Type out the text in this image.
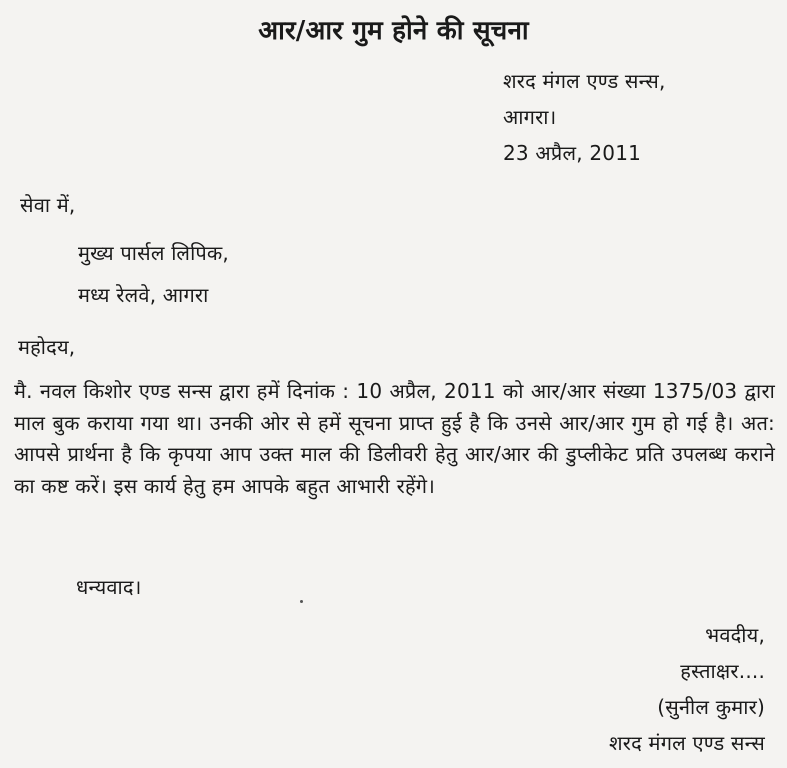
आर/आर गुम होने की सूचना

शरद मंगल एण्ड सन्स,

आगरा।

23 अप्रैल, 2011

सेवा में,

मुख्य पार्सल लिपिक,

मध्य रेलवे, आगरा

महोदय,

मै. नवल किशोर एण्ड सन्स द्वारा हमें दिनांक : 10 अप्रैल, 2011 को आर/आर संख्या 1375/03 द्वारा माल बुक कराया गया था। उनकी ओर से हमें सूचना प्राप्त हुई है कि उनसे आर/आर गुम हो गई है। अत: आपसे प्रार्थना है कि कृपया आप उक्त माल की डिलीवरी हेतु आर/आर की डुप्लीकेट प्रति उपलब्ध कराने का कष्ट करें। इस कार्य हेतु हम आपके बहुत आभारी रहेंगे।

धन्यवाद।

भवदीय,

हस्ताक्षर....

(सुनील कुमार)

शरद मंगल एण्ड सन्स
